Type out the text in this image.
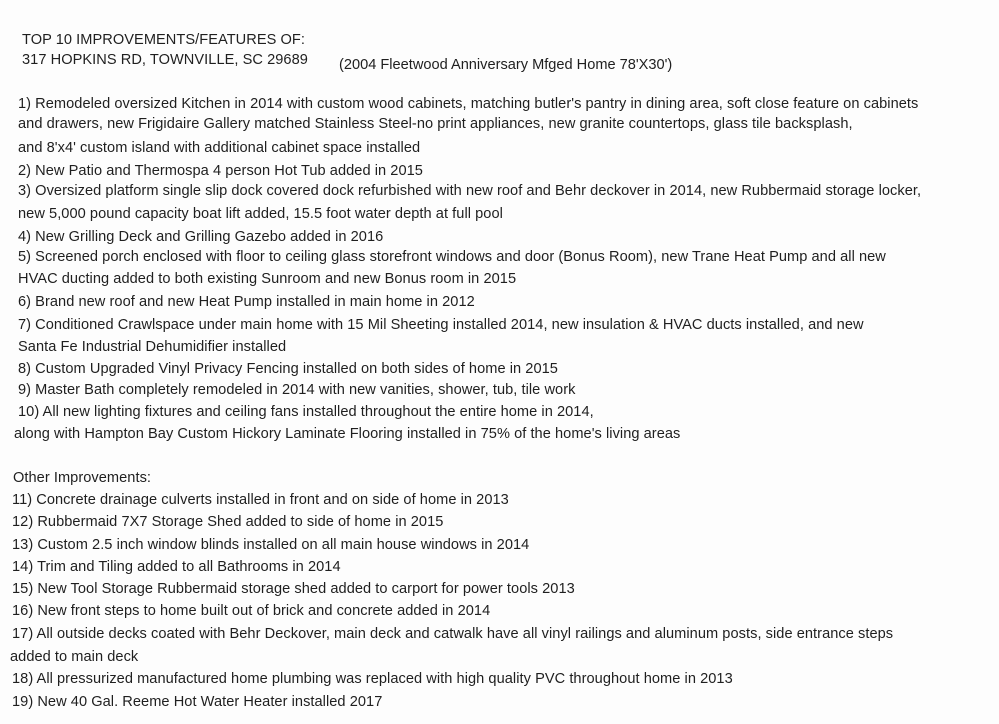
TOP 10 IMPROVEMENTS/FEATURES OF:
317 HOPKINS RD, TOWNVILLE, SC 29689 (2004 Fleetwood Anniversary Mfged Home 78'X30')
1) Remodeled oversized Kitchen in 2014 with custom wood cabinets, matching butler's pantry in dining area, soft close feature on cabinets
and drawers, new Frigidaire Gallery matched Stainless Steel-no print appliances, new granite countertops, glass tile backsplash,
and 8'x4' custom island with additional cabinet space installed
2) New Patio and Thermospa 4 person Hot Tub added in 2015
3) Oversized platform single slip dock covered dock refurbished with new roof and Behr deckover in 2014, new Rubbermaid storage locker,
new 5,000 pound capacity boat lift added, 15.5 foot water depth at full pool
4) New Grilling Deck and Grilling Gazebo added in 2016
5) Screened porch enclosed with floor to ceiling glass storefront windows and door (Bonus Room), new Trane Heat Pump and all new
HVAC ducting added to both existing Sunroom and new Bonus room in 2015
6) Brand new roof and new Heat Pump installed in main home in 2012
7) Conditioned Crawlspace under main home with 15 Mil Sheeting installed 2014, new insulation & HVAC ducts installed, and new
Santa Fe Industrial Dehumidifier installed
8) Custom Upgraded Vinyl Privacy Fencing installed on both sides of home in 2015
9) Master Bath completely remodeled in 2014 with new vanities, shower, tub, tile work
10) All new lighting fixtures and ceiling fans installed throughout the entire home in 2014,
along with Hampton Bay Custom Hickory Laminate Flooring installed in 75% of the home's living areas
Other Improvements:
11) Concrete drainage culverts installed in front and on side of home in 2013
12) Rubbermaid 7X7 Storage Shed added to side of home in 2015
13) Custom 2.5 inch window blinds installed on all main house windows in 2014
14) Trim and Tiling added to all Bathrooms in 2014
15) New Tool Storage Rubbermaid storage shed added to carport for power tools 2013
16) New front steps to home built out of brick and concrete added in 2014
17) All outside decks coated with Behr Deckover, main deck and catwalk have all vinyl railings and aluminum posts, side entrance steps
added to main deck
18) All pressurized manufactured home plumbing was replaced with high quality PVC throughout home in 2013
19) New 40 Gal. Reeme Hot Water Heater installed 2017
